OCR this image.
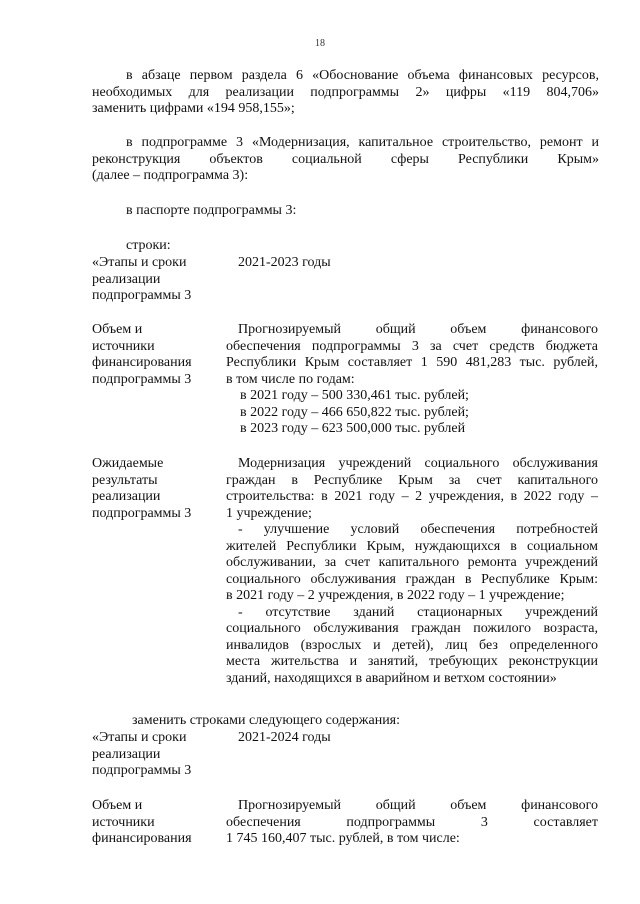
18
в абзаце первом раздела 6 «Обоснование объема финансовых ресурсов,
необходимых для реализации подпрограммы 2» цифры «119 804,706»
заменить цифрами «194 958,155»;
в подпрограмме 3 «Модернизация, капитальное строительство, ремонт и
реконструкция объектов социальной сферы Республики Крым»
(далее – подпрограмма 3):
в паспорте подпрограммы 3:
строки:
«Этапы и сроки
реализации
подпрограммы 3
2021-2023 годы
Объем и
источники
финансирования
подпрограммы 3
Прогнозируемый общий объем финансового
обеспечения подпрограммы 3 за счет средств бюджета
Республики Крым составляет 1 590 481,283 тыс. рублей,
в том числе по годам:
в 2021 году – 500 330,461 тыс. рублей;
в 2022 году – 466 650,822 тыс. рублей;
в 2023 году – 623 500,000 тыс. рублей
Ожидаемые
результаты
реализации
подпрограммы 3
Модернизация учреждений социального обслуживания
граждан в Республике Крым за счет капитального
строительства: в 2021 году – 2 учреждения, в 2022 году –
1 учреждение;
- улучшение условий обеспечения потребностей
жителей Республики Крым, нуждающихся в социальном
обслуживании, за счет капитального ремонта учреждений
социального обслуживания граждан в Республике Крым:
в 2021 году – 2 учреждения, в 2022 году – 1 учреждение;
- отсутствие зданий стационарных учреждений
социального обслуживания граждан пожилого возраста,
инвалидов (взрослых и детей), лиц без определенного
места жительства и занятий, требующих реконструкции
зданий, находящихся в аварийном и ветхом состоянии»
заменить строками следующего содержания:
«Этапы и сроки
реализации
подпрограммы 3
2021-2024 годы
Объем и
источники
финансирования
Прогнозируемый общий объем финансового
обеспечения подпрограммы 3 составляет
1 745 160,407 тыс. рублей, в том числе:
